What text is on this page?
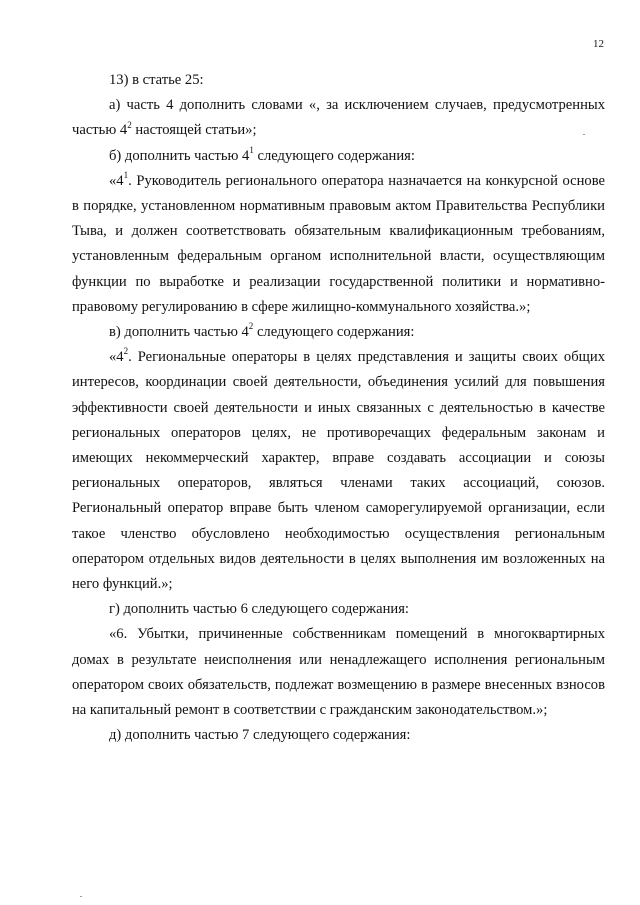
12

13) в статье 25:

а) часть 4 дополнить словами «, за исключением случаев, предусмотренных частью $4^2$ настоящей статьи»;

б) дополнить частью $4^1$ следующего содержания:

«$4^1$. Руководитель регионального оператора назначается на конкурсной основе в порядке, установленном нормативным правовым актом Правительства Республики Тыва, и должен соответствовать обязательным квалификационным требованиям, установленным федеральным органом исполнительной власти, осуществляющим функции по выработке и реализации государственной политики и нормативно-правовому регулированию в сфере жилищно-коммунального хозяйства.»;

в) дополнить частью $4^2$ следующего содержания:

«$4^2$. Региональные операторы в целях представления и защиты своих общих интересов, координации своей деятельности, объединения усилий для повышения эффективности своей деятельности и иных связанных с деятельностью в качестве региональных операторов целях, не противоречащих федеральным законам и имеющих некоммерческий характер, вправе создавать ассоциации и союзы региональных операторов, являться членами таких ассоциаций, союзов. Региональный оператор вправе быть членом саморегулируемой организации, если такое членство обусловлено необходимостью осуществления региональным оператором отдельных видов деятельности в целях выполнения им возложенных на него функций.»;

г) дополнить частью 6 следующего содержания:

«6. Убытки, причиненные собственникам помещений в многоквартирных домах в результате неисполнения или ненадлежащего исполнения региональным оператором своих обязательств, подлежат возмещению в размере внесенных взносов на капитальный ремонт в соответствии с гражданским законодательством.»;

д) дополнить частью 7 следующего содержания:
